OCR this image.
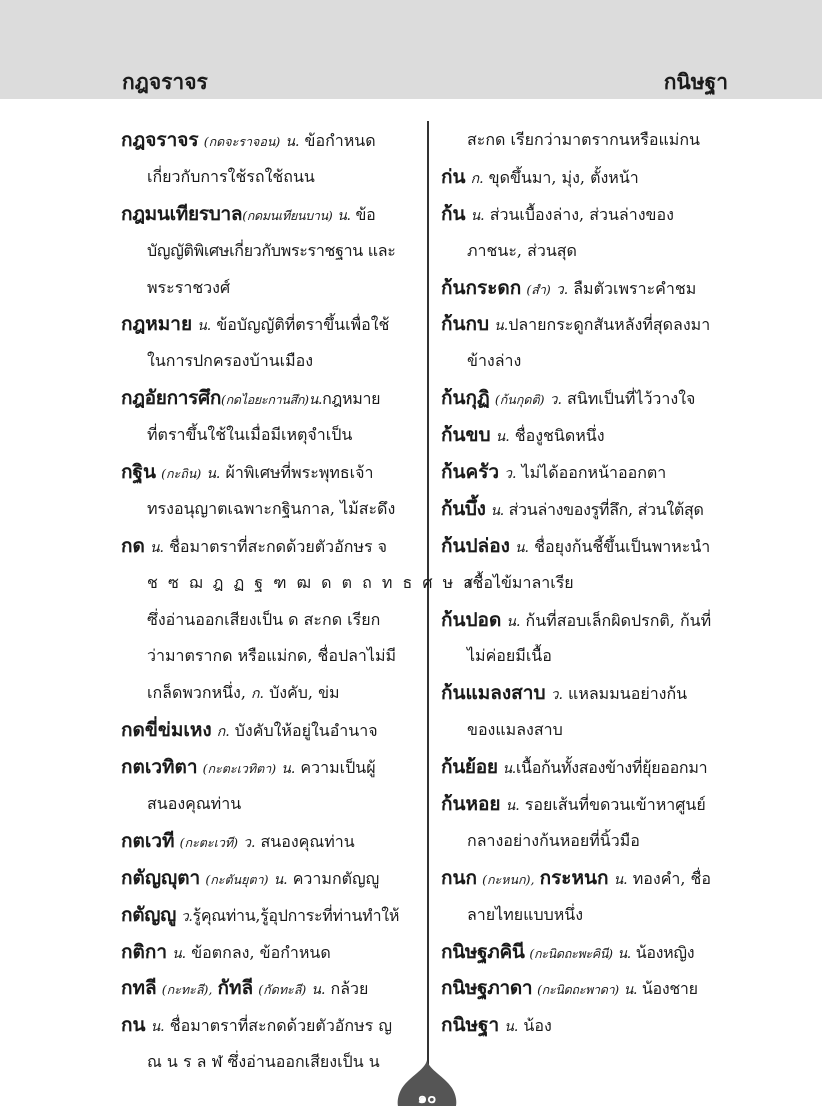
กฎจราจร	กนิษฐา
กฎจราจร (กดจะราจอน) น. ข้อกำหนด
เกี่ยวกับการใช้รถใช้ถนน
กฎมนเทียรบาล(กดมนเทียนบาน) น. ข้อ
บัญญัติพิเศษเกี่ยวกับพระราชฐาน และ
พระราชวงศ์
กฎหมาย น. ข้อบัญญัติที่ตราขึ้นเพื่อใช้
ในการปกครองบ้านเมือง
กฎอัยการศึก(กดไอยะกานสึก)น.กฎหมาย
ที่ตราขึ้นใช้ในเมื่อมีเหตุจำเป็น
กฐิน (กะถิน) น. ผ้าพิเศษที่พระพุทธเจ้า
ทรงอนุญาตเฉพาะกฐินกาล, ไม้สะดึง
กด น. ชื่อมาตราที่สะกดด้วยตัวอักษร จ
ช ซ ฌ ฎ ฏ ฐ ฑ ฒ ด ต ถ ท ธ ศ ษ ส
ซึ่งอ่านออกเสียงเป็น ด สะกด เรียก
ว่ามาตรากด หรือแม่กด, ชื่อปลาไม่มี
เกล็ดพวกหนึ่ง, ก. บังคับ, ข่ม
กดขี่ข่มเหง ก. บังคับให้อยู่ในอำนาจ
กตเวทิตา (กะตะเวทิตา) น. ความเป็นผู้
สนองคุณท่าน
กตเวที (กะตะเวที) ว. สนองคุณท่าน
กตัญญุตา (กะตันยุตา) น. ความกตัญญู
กตัญญู ว.รู้คุณท่าน,รู้อุปการะที่ท่านทำให้
กติกา น. ข้อตกลง, ข้อกำหนด
กทลี (กะทะลี), กัทลี (กัดทะลี) น. กล้วย
กน น. ชื่อมาตราที่สะกดด้วยตัวอักษร ญ
ณ น ร ล ฬ ซึ่งอ่านออกเสียงเป็น น
สะกด เรียกว่ามาตรากนหรือแม่กน
ก่น ก. ขุดขึ้นมา, มุ่ง, ตั้งหน้า
ก้น น. ส่วนเบื้องล่าง, ส่วนล่างของ
ภาชนะ, ส่วนสุด
ก้นกระดก (สำ) ว. ลืมตัวเพราะคำชม
ก้นกบ น.ปลายกระดูกสันหลังที่สุดลงมา
ข้างล่าง
ก้นกุฏิ (ก้นกุดติ) ว. สนิทเป็นที่ไว้วางใจ
ก้นขบ น. ชื่องูชนิดหนึ่ง
ก้นครัว ว. ไม่ได้ออกหน้าออกตา
ก้นบึ้ง น. ส่วนล่างของรูที่ลึก, ส่วนใต้สุด
ก้นปล่อง น. ชื่อยุงก้นชี้ขึ้นเป็นพาหะนำ
เชื้อไข้มาลาเรีย
ก้นปอด น. ก้นที่สอบเล็กผิดปรกติ, ก้นที่
ไม่ค่อยมีเนื้อ
ก้นแมลงสาบ ว. แหลมมนอย่างก้น
ของแมลงสาบ
ก้นย้อย น.เนื้อก้นทั้งสองข้างที่ยุ้ยออกมา
ก้นหอย น. รอยเส้นที่ขดวนเข้าหาศูนย์
กลางอย่างก้นหอยที่นิ้วมือ
กนก (กะหนก), กระหนก น. ทองคำ, ชื่อ
ลายไทยแบบหนึ่ง
กนิษฐภคินี (กะนิดถะพะคินี) น. น้องหญิง
กนิษฐภาดา (กะนิดถะพาดา) น. น้องชาย
กนิษฐา น. น้อง
๑๐
